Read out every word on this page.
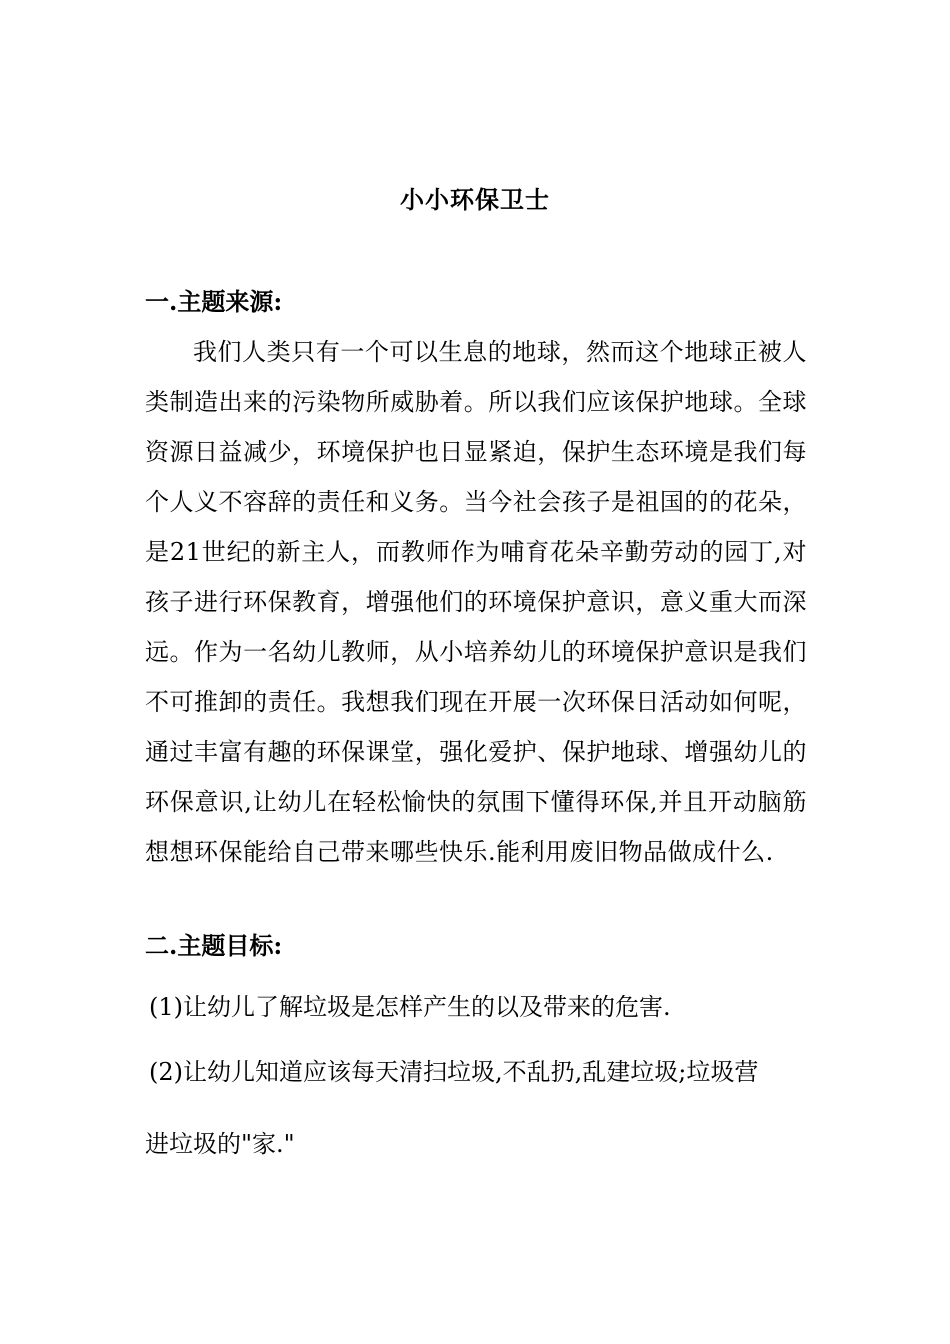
小小环保卫士
一.主题来源:

我们人类只有一个可以生息的地球，然而这个地球正被人类制造出来的污染物所威胁着。所以我们应该保护地球。全球资源日益减少，环境保护也日显紧迫，保护生态环境是我们每个人义不容辞的责任和义务。当今社会孩子是祖国的的花朵，是21世纪的新主人，而教师作为哺育花朵辛勤劳动的园丁,对孩子进行环保教育，增强他们的环境保护意识，意义重大而深远。作为一名幼儿教师，从小培养幼儿的环境保护意识是我们不可推卸的责任。我想我们现在开展一次环保日活动如何呢，通过丰富有趣的环保课堂，强化爱护、保护地球、增强幼儿的环保意识,让幼儿在轻松愉快的氛围下懂得环保,并且开动脑筋想想环保能给自己带来哪些快乐.能利用废旧物品做成什么.

二.主题目标:

(1)让幼儿了解垃圾是怎样产生的以及带来的危害.

(2)让幼儿知道应该每天清扫垃圾,不乱扔,乱建垃圾;垃圾营

进垃圾的"家."
